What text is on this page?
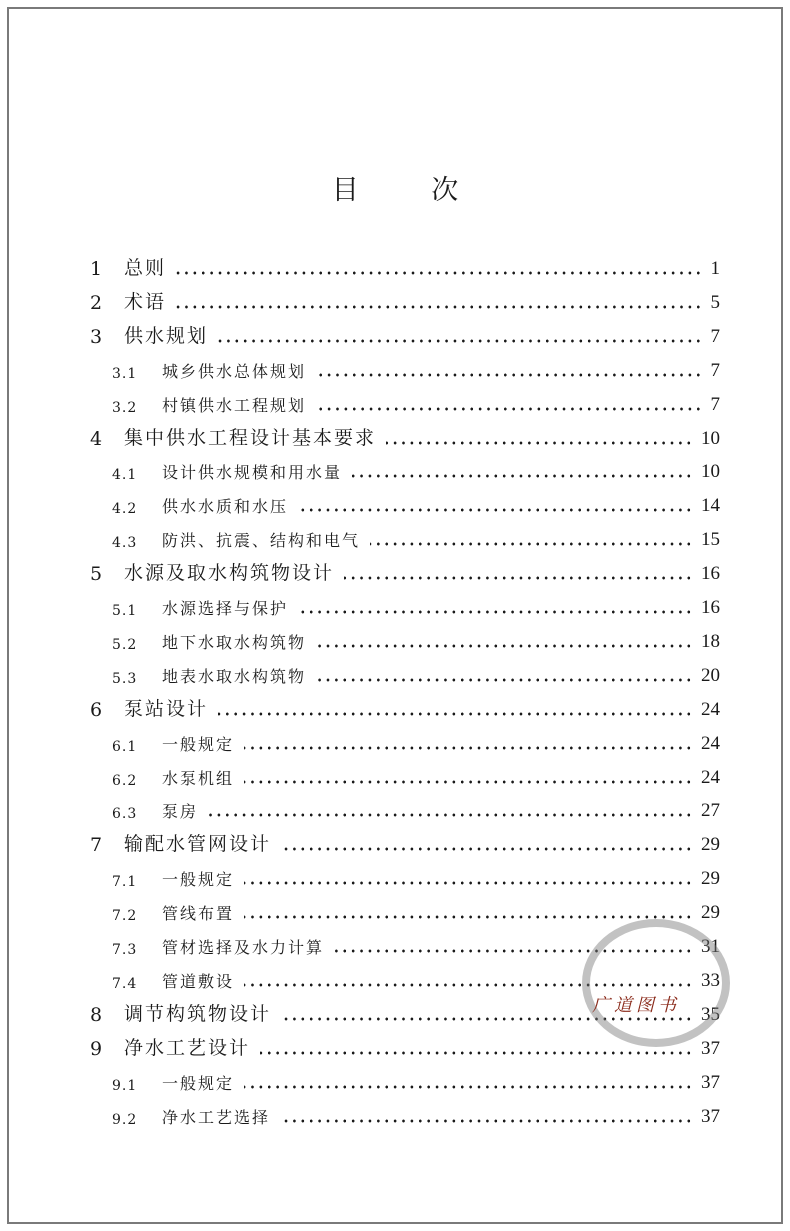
目 次
1	总则	1
2	术语	5
3	供水规划	7
3.1	城乡供水总体规划	7
3.2	村镇供水工程规划	7
4	集中供水工程设计基本要求	10
4.1	设计供水规模和用水量	10
4.2	供水水质和水压	14
4.3	防洪、抗震、结构和电气	15
5	水源及取水构筑物设计	16
5.1	水源选择与保护	16
5.2	地下水取水构筑物	18
5.3	地表水取水构筑物	20
6	泵站设计	24
6.1	一般规定	24
6.2	水泵机组	24
6.3	泵房	27
7	输配水管网设计	29
7.1	一般规定	29
7.2	管线布置	29
7.3	管材选择及水力计算	31
7.4	管道敷设	33
8	调节构筑物设计	35
9	净水工艺设计	37
9.1	一般规定	37
9.2	净水工艺选择	37
广道图书
